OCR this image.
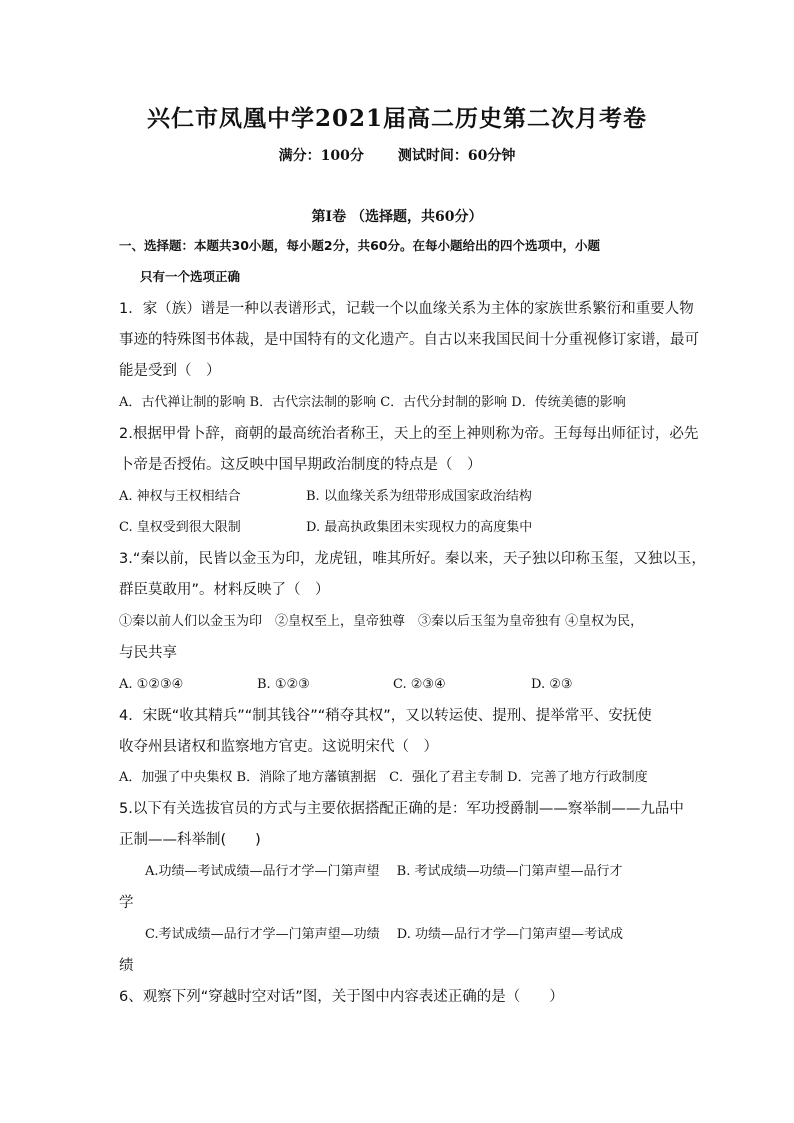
兴仁市凤凰中学2021届高二历史第二次月考卷
满分：100分 测试时间：60分钟
第Ⅰ卷 （选择题，共60分）
一、选择题：本题共30小题，每小题2分，共60分。在每小题给出的四个选项中，小题
只有一个选项正确
1．家（族）谱是一种以表谱形式，记载一个以血缘关系为主体的家族世系繁衍和重要人物
事迹的特殊图书体裁，是中国特有的文化遗产。自古以来我国民间十分重视修订家谱，最可
能是受到（　）
A．古代禅让制的影响 B．古代宗法制的影响 C．古代分封制的影响 D．传统美德的影响
2.根据甲骨卜辞，商朝的最高统治者称王，天上的至上神则称为帝。王每每出师征讨，必先
卜帝是否授佑。这反映中国早期政治制度的特点是（　）
A. 神权与王权相结合	B. 以血缘关系为纽带形成国家政治结构
C. 皇权受到很大限制	D. 最高执政集团未实现权力的高度集中
3.“秦以前，民皆以金玉为印，龙虎钮，唯其所好。秦以来，天子独以印称玉玺，又独以玉，
群臣莫敢用”。材料反映了（　）
①秦以前人们以金玉为印　②皇权至上，皇帝独尊　③秦以后玉玺为皇帝独有 ④皇权为民，
与民共享
A. ①②③④	B. ①②③	C. ②③④	D. ②③
4．宋既“收其精兵”“制其钱谷”“稍夺其权”，又以转运使、提刑、提举常平、安抚使
收夺州县诸权和监察地方官吏。这说明宋代（　）
A．加强了中央集权 B．消除了地方藩镇割据　C．强化了君主专制 D．完善了地方行政制度
5.以下有关选拔官员的方式与主要依据搭配正确的是：军功授爵制——察举制——九品中
正制——科举制(　　)
A.功绩—考试成绩—品行才学—门第声望　 B. 考试成绩—功绩—门第声望—品行才
学
C.考试成绩—品行才学—门第声望—功绩　 D. 功绩—品行才学—门第声望—考试成
绩
6、观察下列“穿越时空对话”图，关于图中内容表述正确的是（　　）
